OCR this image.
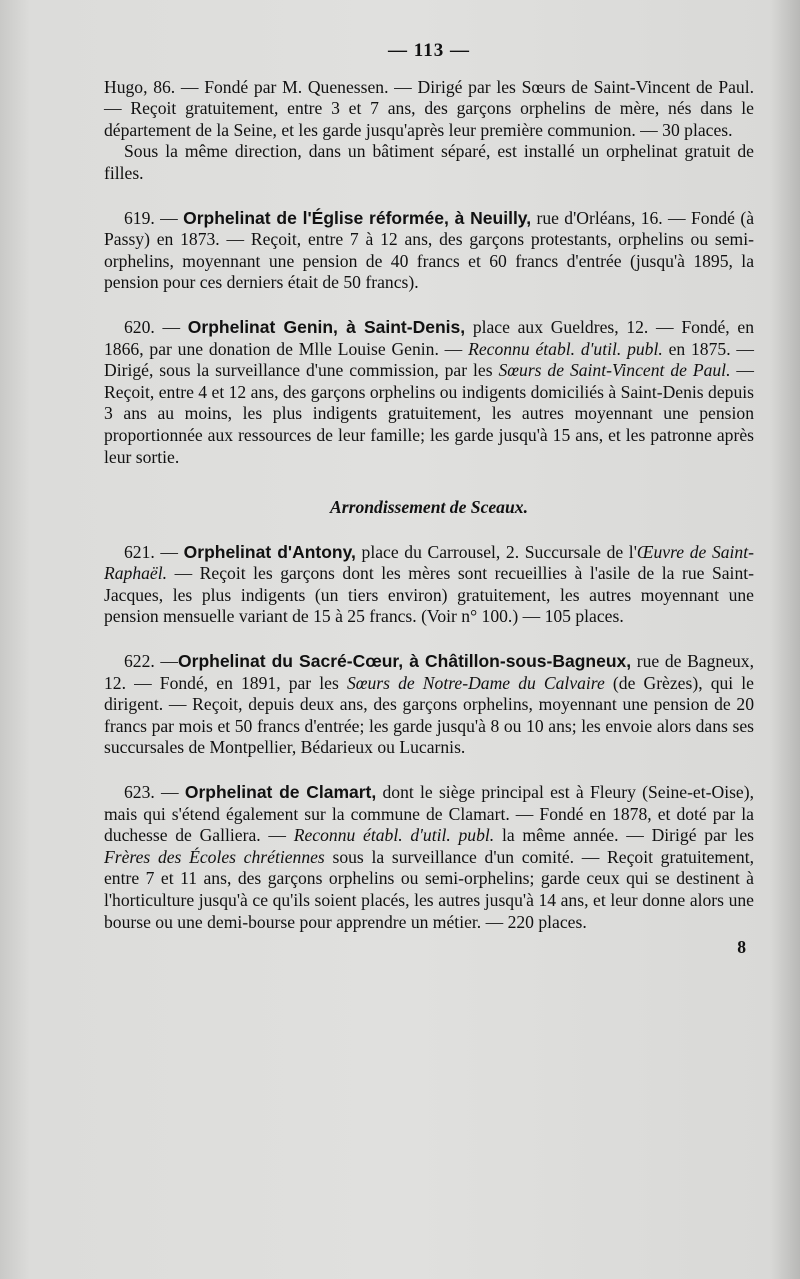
— 113 —

Hugo, 86. — Fondé par M. Quenessen. — Dirigé par les Sœurs de Saint-Vincent de Paul. — Reçoit gratuitement, entre 3 et 7 ans, des garçons orphelins de mère, nés dans le département de la Seine, et les garde jusqu'après leur première communion. — 30 places.

Sous la même direction, dans un bâtiment séparé, est installé un orphelinat gratuit de filles.

619. — Orphelinat de l'Église réformée, à Neuilly, rue d'Orléans, 16. — Fondé (à Passy) en 1873. — Reçoit, entre 7 à 12 ans, des garçons protestants, orphelins ou semi-orphelins, moyennant une pension de 40 francs et 60 francs d'entrée (jusqu'à 1895, la pension pour ces derniers était de 50 francs).

620. — Orphelinat Genin, à Saint-Denis, place aux Gueldres, 12. — Fondé, en 1866, par une donation de Mlle Louise Genin. — Reconnu établ. d'util. publ. en 1875. — Dirigé, sous la surveillance d'une commission, par les Sœurs de Saint-Vincent de Paul. — Reçoit, entre 4 et 12 ans, des garçons orphelins ou indigents domiciliés à Saint-Denis depuis 3 ans au moins, les plus indigents gratuitement, les autres moyennant une pension proportionnée aux ressources de leur famille; les garde jusqu'à 15 ans, et les patronne après leur sortie.

Arrondissement de Sceaux.

621. — Orphelinat d'Antony, place du Carrousel, 2. Succursale de l'Œuvre de Saint-Raphaël. — Reçoit les garçons dont les mères sont recueillies à l'asile de la rue Saint-Jacques, les plus indigents (un tiers environ) gratuitement, les autres moyennant une pension mensuelle variant de 15 à 25 francs. (Voir n° 100.) — 105 places.

622. —Orphelinat du Sacré-Cœur, à Châtillon-sous-Bagneux, rue de Bagneux, 12. — Fondé, en 1891, par les Sœurs de Notre-Dame du Calvaire (de Grèzes), qui le dirigent. — Reçoit, depuis deux ans, des garçons orphelins, moyennant une pension de 20 francs par mois et 50 francs d'entrée; les garde jusqu'à 8 ou 10 ans; les envoie alors dans ses succursales de Montpellier, Bédarieux ou Lucarnis.

623. — Orphelinat de Clamart, dont le siège principal est à Fleury (Seine-et-Oise), mais qui s'étend également sur la commune de Clamart. — Fondé en 1878, et doté par la duchesse de Galliera. — Reconnu établ. d'util. publ. la même année. — Dirigé par les Frères des Écoles chrétiennes sous la surveillance d'un comité. — Reçoit gratuitement, entre 7 et 11 ans, des garçons orphelins ou semi-orphelins; garde ceux qui se destinent à l'horticulture jusqu'à ce qu'ils soient placés, les autres jusqu'à 14 ans, et leur donne alors une bourse ou une demi-bourse pour apprendre un métier. — 220 places.

8
